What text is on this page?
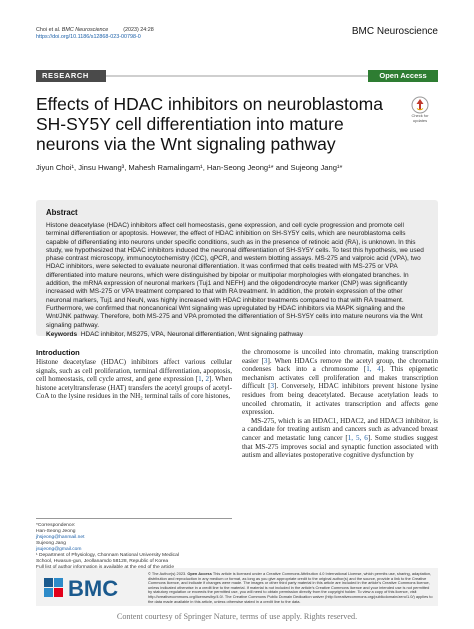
Choi et al. BMC Neuroscience          (2023) 24:28
https://doi.org/10.1186/s12868-023-00798-0	BMC Neuroscience
RESEARCH	Open Access
Effects of HDAC inhibitors on neuroblastoma SH-SY5Y cell differentiation into mature neurons via the Wnt signaling pathway
Check for updates
Jiyun Choi¹, Jinsu Hwang³, Mahesh Ramalingam¹, Han-Seong Jeong¹* and Sujeong Jang¹*
Abstract

Histone deacetylase (HDAC) inhibitors affect cell homeostasis, gene expression, and cell cycle progression and promote cell terminal differentiation or apoptosis. However, the effect of HDAC inhibition on SH-SY5Y cells, which are neuroblastoma cells capable of differentiating into neurons under specific conditions, such as in the presence of retinoic acid (RA), is unknown. In this study, we hypothesized that HDAC inhibitors induced the neuronal differentiation of SH-SY5Y cells. To test this hypothesis, we used phase contrast microscopy, immunocytochemistry (ICC), qPCR, and western blotting assays. MS-275 and valproic acid (VPA), two HDAC inhibitors, were selected to evaluate neuronal differentiation. It was confirmed that cells treated with MS-275 or VPA differentiated into mature neurons, which were distinguished by bipolar or multipolar morphologies with elongated branches. In addition, the mRNA expression of neuronal markers (Tuj1 and NEFH) and the oligodendrocyte marker (CNP) was significantly increased with MS-275 or VPA treatment compared to that with RA treatment. In addition, the protein expression of the other neuronal markers, Tuj1 and NeuN, was highly increased with HDAC inhibitor treatments compared to that with RA treatment. Furthermore, we confirmed that noncanonical Wnt signaling was upregulated by HDAC inhibitors via MAPK signaling and the Wnt/JNK pathway. Therefore, both MS-275 and VPA promoted the differentiation of SH-SY5Y cells into mature neurons via the Wnt signaling pathway.

Keywords HDAC inhibitor, MS275, VPA, Neuronal differentiation, Wnt signaling pathway
Introduction

Histone deacetylase (HDAC) inhibitors affect various cellular signals, such as cell proliferation, terminal differentiation, apoptosis, cell homeostasis, cell cycle arrest, and gene expression [1, 2]. When histone acetyltransferase (HAT) transfers the acetyl groups of acetyl-CoA to the lysine residues in the NH₂ terminal tails of core histones,

the chromosome is uncoiled into chromatin, making transcription easier [3]. When HDACs remove the acetyl group, the chromatin condenses back into a chromosome [1, 4]. This epigenetic mechanism activates cell proliferation and makes transcription difficult [3]. Conversely, HDAC inhibitors prevent histone lysine residues from being deacetylated. Because acetylation leads to uncoiled chromatin, it activates transcription and affects gene expression.

MS-275, which is an HDAC1, HDAC2, and HDAC3 inhibitor, is a candidate for treating autism and cancers such as advanced breast cancer and metastatic lung cancer [1, 5, 6]. Some studies suggest that MS-275 improves social and synaptic function associated with autism and alleviates postoperative cognitive dysfunction by

*Correspondence:
Han-Seong Jeong
jhsjeong@hanmail.net
Sujeong Jang
jsujeong@gmail.com
¹ Department of Physiology, Chonnam National University Medical
School, Hwasun-gun, Jeollanamdo 58128, Republic of Korea
BMC
© The Author(s) 2023. Open Access This article is licensed under a Creative Commons Attribution 4.0 International License, which permits use, sharing, adaptation, distribution and reproduction in any medium or format, as long as you give appropriate credit to the original author(s) and the source, provide a link to the Creative Commons licence, and indicate if changes were made. The images or other third party material in this article are included in the article's Creative Commons licence, unless indicated otherwise in a credit line to the material. If material is not included in the article's Creative Commons licence and your intended use is not permitted by statutory regulation or exceeds the permitted use, you will need to obtain permission directly from the copyright holder. To view a copy of this licence, visit http://creativecommons.org/licenses/by/4.0/. The Creative Commons Public Domain Dedication waiver (http://creativecommons.org/publicdomain/zero/1.0/) applies to the data made available in this article, unless otherwise stated in a credit line to the data.
Content courtesy of Springer Nature, terms of use apply. Rights reserved.
